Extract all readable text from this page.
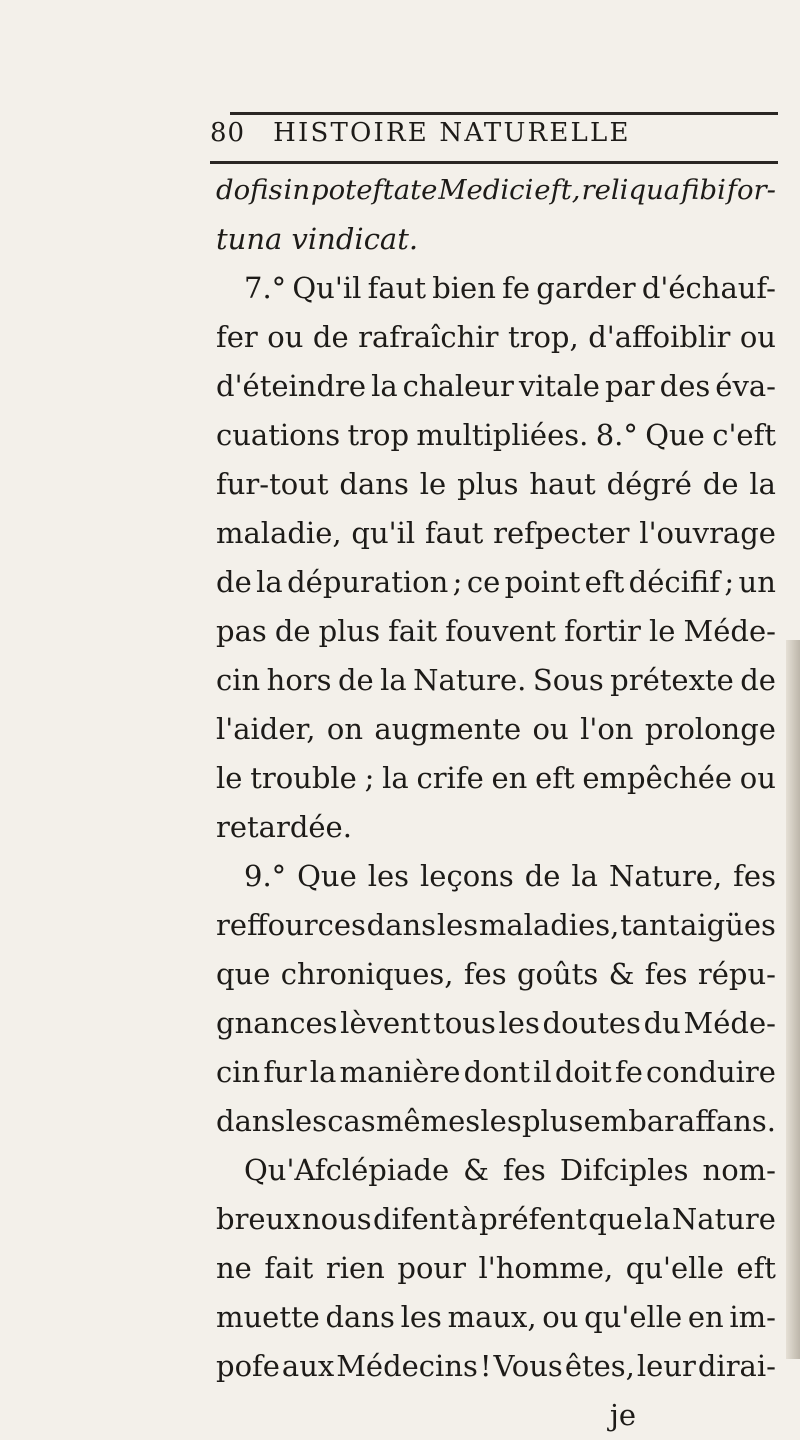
80 HISTOIRE NATURELLE
dofis in poteftate Medici eft, reliqua fibi for-
tuna vindicat.
7.° Qu'il faut bien fe garder d'échauf-
fer ou de rafraîchir trop, d'affoiblir ou
d'éteindre la chaleur vitale par des éva-
cuations trop multipliées. 8.° Que c'eft
fur-tout dans le plus haut dégré de la
maladie, qu'il faut refpecter l'ouvrage
de la dépuration ; ce point eft décifif ; un
pas de plus fait fouvent fortir le Méde-
cin hors de la Nature. Sous prétexte de
l'aider, on augmente ou l'on prolonge
le trouble ; la crife en eft empêchée ou
retardée.
9.° Que les leçons de la Nature, fes
reffources dans les maladies, tant aigües
que chroniques, fes goûts & fes répu-
gnances lèvent tous les doutes du Méde-
cin fur la manière dont il doit fe conduire
dans les cas mêmes les plus embaraffans.
Qu'Afclépiade & fes Difciples nom-
breux nous difent à préfent que la Nature
ne fait rien pour l'homme, qu'elle eft
muette dans les maux, ou qu'elle en im-
pofe aux Médecins ! Vous êtes, leur dirai-
je
